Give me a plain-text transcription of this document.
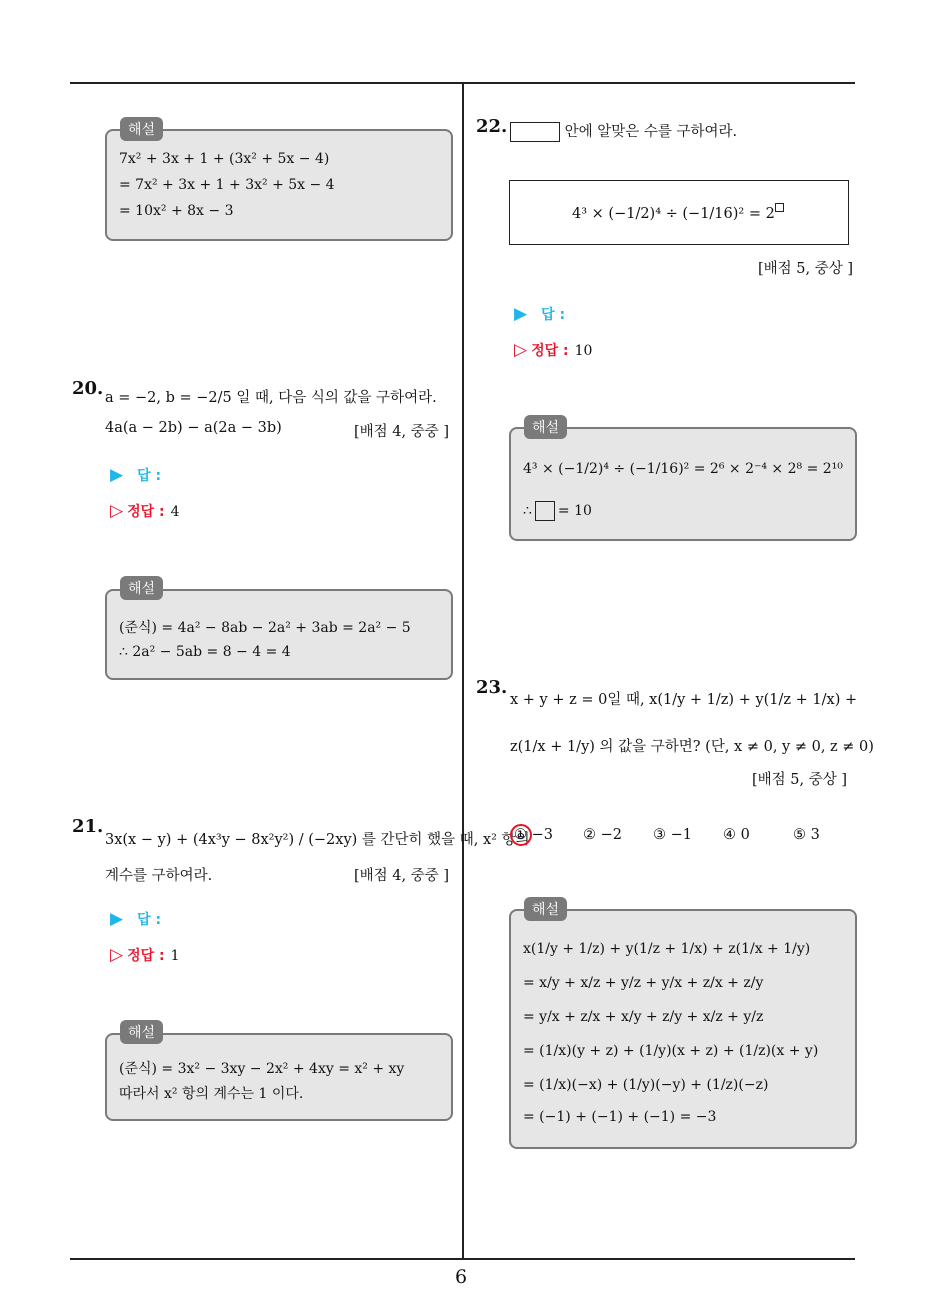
6
7x² + 3x + 1 + (3x² + 5x − 4)
= 7x² + 3x + 1 + 3x² + 5x − 4
= 10x² + 8x − 3
해설
20. a = −2, b = −2/5 일 때, 다음 식의 값을 구하여라.
4a(a − 2b) − a(2a − 3b)	[배점 4, 중중 ]
▶ 답 :
▷ 정답 : 4
(준식) = 4a² − 8ab − 2a² + 3ab = 2a² − 5
∴ 2a² − 5ab = 8 − 4 = 4
해설
21.
3x(x − y) + (4x³y − 8x²y²) / (−2xy) 를 간단히 했을 때, x² 항의
계수를 구하여라.	[배점 4, 중중 ]
▶ 답 :
▷ 정답 : 1
(준식) = 3x² − 3xy − 2x² + 4xy = x² + xy
따라서 x² 항의 계수는 1 이다.
해설
22.	안에 알맞은 수를 구하여라.
4³ × (−1/2)⁴ ÷ (−1/16)² = 2
[배점 5, 중상 ]
▶ 답 :
▷ 정답 : 10
4³ × (−1/2)⁴ ÷ (−1/16)² = 2⁶ × 2⁻⁴ × 2⁸ = 2¹⁰
∴ = 10
해설
23.
x + y + z = 0일 때, x(1/y + 1/z) + y(1/z + 1/x) +
z(1/x + 1/y) 의 값을 구하면? (단, x ≠ 0, y ≠ 0, z ≠ 0)
[배점 5, 중상 ]
① −3 ② −2 ③ −1 ④ 0	⑤ 3
x(1/y + 1/z) + y(1/z + 1/x) + z(1/x + 1/y)
= x/y + x/z + y/z + y/x + z/x + z/y
= y/x + z/x + x/y + z/y + x/z + y/z
= (1/x)(y + z) + (1/y)(x + z) + (1/z)(x + y)
= (1/x)(−x) + (1/y)(−y) + (1/z)(−z)
= (−1) + (−1) + (−1) = −3
해설
